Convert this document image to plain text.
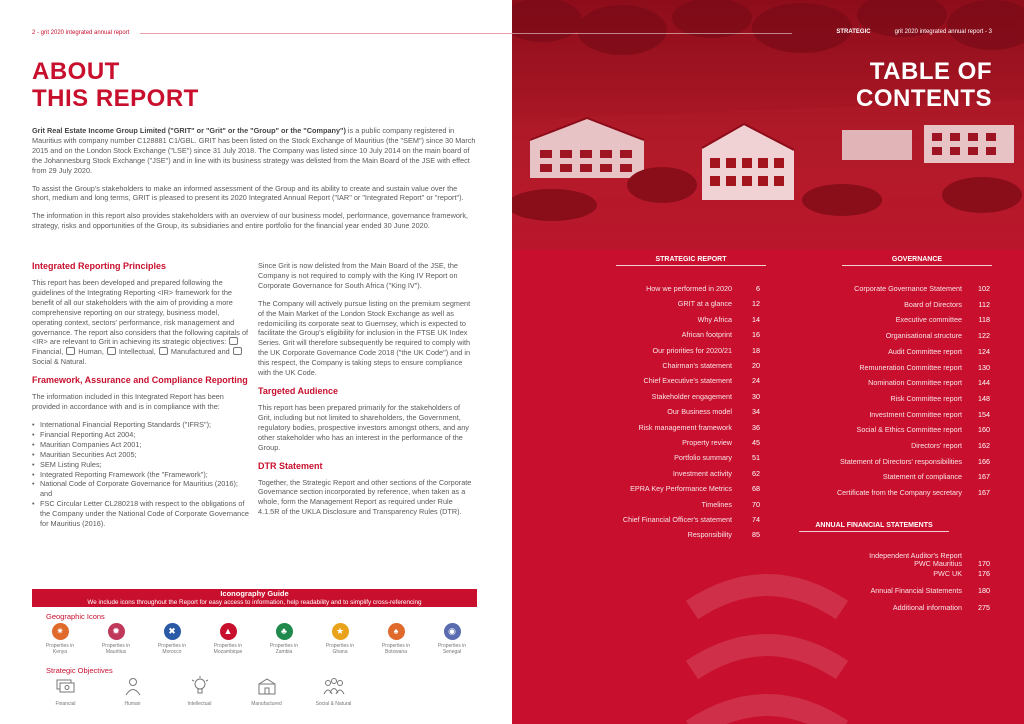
2 - grit 2020 integrated annual report
ABOUT
THIS REPORT

Grit Real Estate Income Group Limited ("GRIT" or "Grit" or the "Group" or the "Company") is a public company registered in Mauritius with company number C128881 C1/GBL. GRIT has been listed on the Stock Exchange of Mauritius (the "SEM") since 30 March 2015 and on the London Stock Exchange ("LSE") since 31 July 2018. The Company was listed since 10 July 2014 on the main board of the Johannesburg Stock Exchange ("JSE") and in line with its business strategy was delisted from the Main Board of the JSE with effect from 29 July 2020.

To assist the Group's stakeholders to make an informed assessment of the Group and its ability to create and sustain value over the short, medium and long terms, GRIT is pleased to present its 2020 Integrated Annual Report ("IAR" or "Integrated Report" or "report").

The information in this report also provides stakeholders with an overview of our business model, performance, governance framework, strategy, risks and opportunities of the Group, its subsidiaries and entire portfolio for the financial year ended 30 June 2020.

Integrated Reporting Principles
This report has been developed and prepared following the guidelines of the Integrating Reporting <IR> framework for the benefit of all our stakeholders with the aim of providing a more comprehensive reporting on our strategy, business model, operating context, sectors' performance, risk management and governance. The report also considers that the following capitals of <IR> are relevant to Grit in achieving its strategic objectives:  Financial,  Human,  Intellectual,  Manufactured and  Social & Natural.
Framework, Assurance and Compliance Reporting
The information included in this Integrated Report has been provided in accordance with and is in compliance with the:
• International Financial Reporting Standards ("IFRS");
• Financial Reporting Act 2004;
• Mauritian Companies Act 2001;
• Mauritian Securities Act 2005;
• SEM Listing Rules;
• Integrated Reporting Framework (the "Framework");
• National Code of Corporate Governance for Mauritius (2016); and
• FSC Circular Letter CL280218 with respect to the obligations of the Company under the National Code of Corporate Governance for Mauritius (2016).
Since Grit is now delisted from the Main Board of the JSE, the Company is not required to comply with the King IV Report on Corporate Governance for South Africa ("King IV").
The Company will actively pursue listing on the premium segment of the Main Market of the London Stock Exchange as well as redomiciling its corporate seat to Guernsey, which is expected to facilitate the Group's eligibility for inclusion in the FTSE UK Index Series. Grit will therefore subsequently be required to comply with the UK Corporate Governance Code 2018 ("the UK Code") and in this respect, the Company is taking steps to ensure compliance with the UK Code.
Targeted Audience
This report has been prepared primarily for the stakeholders of Grit, including but not limited to shareholders, the Government, regulatory bodies, prospective investors amongst others, and any other stakeholder who has an interest in the performance of the Group.
DTR Statement
Together, the Strategic Report and other sections of the Corporate Governance section incorporated by reference, when taken as a whole, form the Management Report as required under Rule 4.1.5R of the UKLA Disclosure and Transparency Rules (DTR).
Iconography Guide
We include icons throughout the Report for easy access to information, help readability and to simplify cross-referencing
Geographic Icons
✷
Properties in
Kenya
✹
Properties in
Mauritius
✖
Properties in
Morocco
▲
Properties in
Mozambique
♣
Properties in
Zambia
★
Properties in
Ghana
♠
Properties in
Botswana
◉
Properties in
Senegal
Strategic Objectives
Financial	Human	Intellectual	Manufactured	Social & Natural
STRATEGIC	grit 2020 integrated annual report - 3
TABLE OF
CONTENTS
STRATEGIC REPORT	GOVERNANCE
How we performed in 2020	6
GRIT at a glance	12
Why Africa	14
African footprint	16
Our priorities for 2020/21	18
Chairman's statement	20
Chief Executive's statement	24
Stakeholder engagement	30
Our Business model	34
Risk management framework	36
Property review	45
Portfolio summary	51
Investment activity	62
EPRA Key Performance Metrics	68
Timelines	70
Chief Financial Officer's statement	74
Responsibility	85
Corporate Governance Statement 102
Board of Directors 112
Executive committee 118
Organisational structure 122
Audit Committee report 124
Remuneration Committee report 130
Nomination Committee report 144
Risk Committee report 148
Investment Committee report 154
Social & Ethics Committee report 160
Directors' report 162
Statement of Directors' responsibilities 166
Statement of compliance 167
Certificate from the Company secretary 167
ANNUAL FINANCIAL STATEMENTS
Independent Auditor's Report
PWC Mauritius 170
PWC UK 176
Annual Financial Statements 180
Additional information 275
